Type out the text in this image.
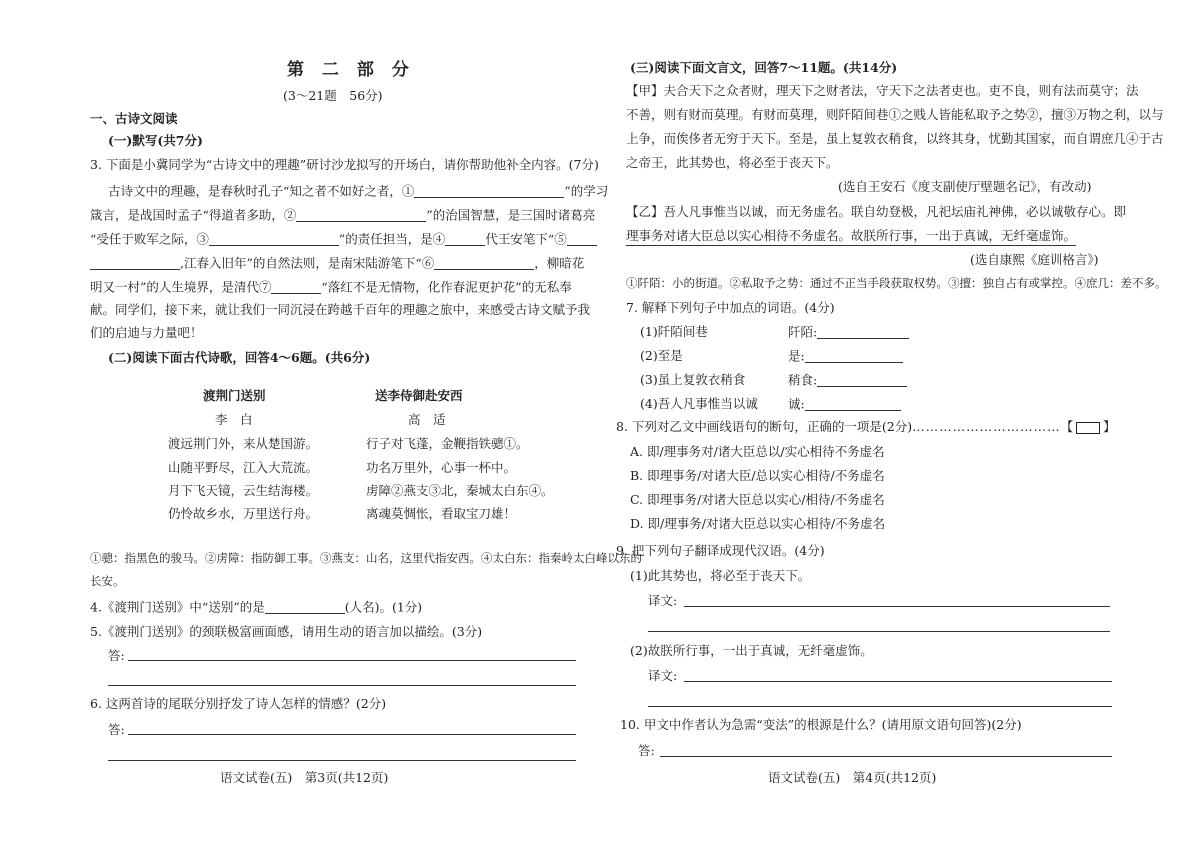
第 二 部 分
(3～21题　56分)
一、古诗文阅读
(一)默写(共7分)
3. 下面是小冀同学为“古诗文中的理趣”研讨沙龙拟写的开场白，请你帮助他补全内容。(7分)
古诗文中的理趣，是春秋时孔子“知之者不如好之者，①	”的学习
箴言，是战国时孟子“得道者多助，②	”的治国智慧，是三国时诸葛亮
“受任于败军之际，③	”的责任担当，是④	代王安笔下“⑤
,江春入旧年”的自然法则，是南宋陆游笔下“⑥	，柳暗花
明又一村”的人生境界，是清代⑦	“落红不是无情物，化作春泥更护花”的无私奉
献。同学们，接下来，就让我们一同沉浸在跨越千百年的理趣之旅中，来感受古诗文赋予我
们的启迪与力量吧！
(二)阅读下面古代诗歌，回答4～6题。(共6分)
渡荆门送别
李　白
渡远荆门外，来从楚国游。
山随平野尽，江入大荒流。
月下飞天镜，云生结海楼。
仍怜故乡水，万里送行舟。
送李侍御赴安西
高　适
行子对飞蓬，金鞭指铁骢①。
功名万里外，心事一杯中。
虏障②燕支③北，秦城太白东④。
离魂莫惆怅，看取宝刀雄！
①骢：指黑色的骏马。②虏障：指防御工事。③燕支：山名，这里代指安西。④太白东：指秦岭太白峰以东的
长安。
4.《渡荆门送别》中“送别”的是	(人名)。(1分)
5.《渡荆门送别》的颈联极富画面感，请用生动的语言加以描绘。(3分)
答:
6. 这两首诗的尾联分别抒发了诗人怎样的情感？(2分)
答:
语文试卷(五)　第3页(共12页)
(三)阅读下面文言文，回答7～11题。(共14分)
【甲】夫合天下之众者财，理天下之财者法，守天下之法者吏也。吏不良，则有法而莫守；法
不善，则有财而莫理。有财而莫理，则阡陌间巷①之贱人皆能私取予之势②，擅③万物之利，以与
上争，而俟侈者无穷于天下。至是，虽上复敦衣稍食，以终其身，忧勤其国家，而自谓庶几④于古
之帝王，此其势也，将必至于丧天下。
(选自王安石《度支副使厅壁题名记》，有改动)
【乙】吾人凡事惟当以诚，而无务虚名。联自幼登极，凡祀坛庙礼神佛，必以诚敬存心。即
理事务对诸大臣总以实心相待不务虚名。故朕所行事，一出于真诚，无纤毫虚饰。
(选自康熙《庭训格言》)
①阡陌：小的街道。②私取予之势：通过不正当手段获取权势。③擅：独自占有或掌控。④庶几：差不多。
7. 解释下列句子中加点的词语。(4分)
(1)阡陌间巷	阡陌:
(2)至是	是:
(3)虽上复敦衣稍食	稍食:
(4)吾人凡事惟当以诚 诚:
8. 下列对乙文中画线语句的断句，正确的一项是(2分)……………………………【 】
A. 即/理事务对/诸大臣总以/实心相待不务虚名
B. 即理事务/对诸大臣/总以实心相待/不务虚名
C. 即理事务/对诸大臣总以实心/相待/不务虚名
D. 即/理事务/对诸大臣总以实心相待/不务虚名
9. 把下列句子翻译成现代汉语。(4分)
(1)此其势也，将必至于丧天下。
译文:
(2)故朕所行事，一出于真诚，无纤毫虚饰。
译文:
10. 甲文中作者认为急需“变法”的根源是什么？(请用原文语句回答)(2分)
答:
语文试卷(五)　第4页(共12页)
